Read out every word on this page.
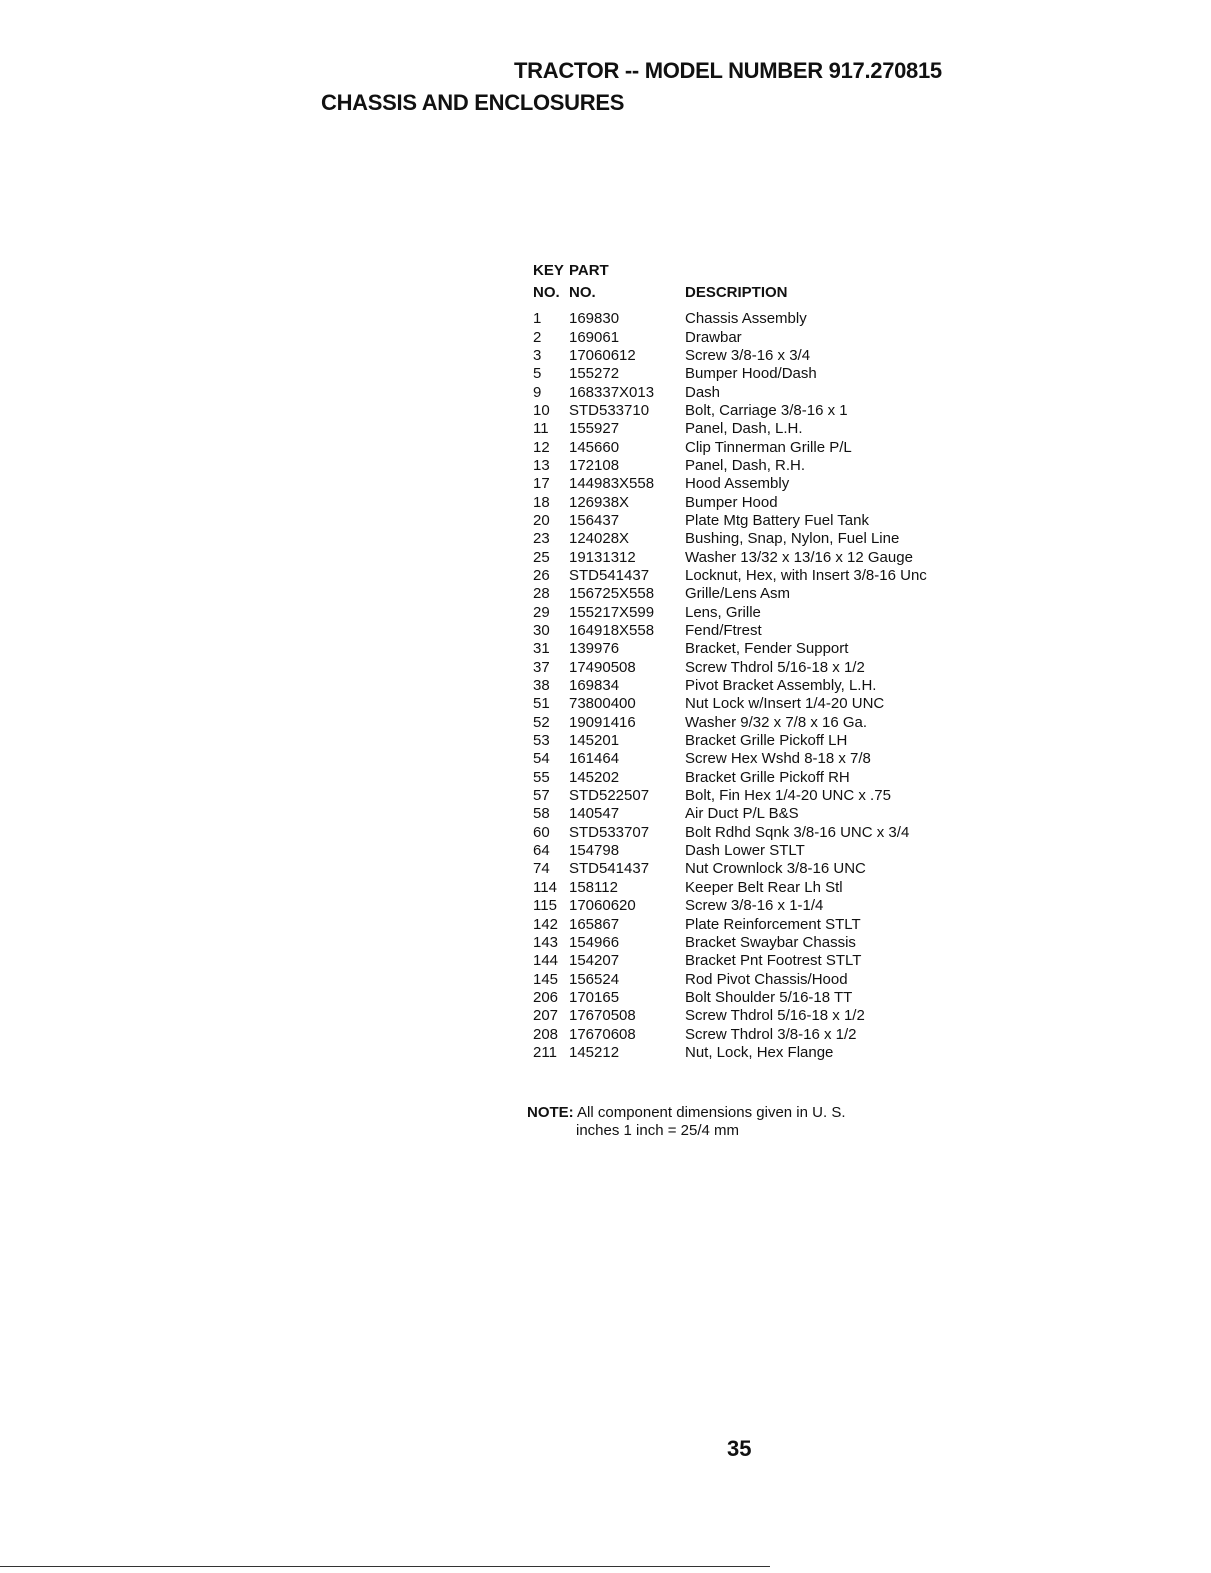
TRACTOR -- MODEL NUMBER 917.270815
CHASSIS AND ENCLOSURES
KEY	PART	
NO.	NO.	DESCRIPTION
1	169830	Chassis Assembly
2	169061	Drawbar
3	17060612	Screw 3/8-16 x 3/4
5	155272	Bumper Hood/Dash
9	168337X013	Dash
10	STD533710	Bolt, Carriage 3/8-16 x 1
11	155927	Panel, Dash, L.H.
12	145660	Clip Tinnerman Grille P/L
13	172108	Panel, Dash, R.H.
17	144983X558	Hood Assembly
18	126938X	Bumper Hood
20	156437	Plate Mtg Battery Fuel Tank
23	124028X	Bushing, Snap, Nylon, Fuel Line
25	19131312	Washer 13/32 x 13/16 x 12 Gauge
26	STD541437	Locknut, Hex, with Insert 3/8-16 Unc
28	156725X558	Grille/Lens Asm
29	155217X599	Lens, Grille
30	164918X558	Fend/Ftrest
31	139976	Bracket, Fender Support
37	17490508	Screw Thdrol 5/16-18 x 1/2
38	169834	Pivot Bracket Assembly, L.H.
51	73800400	Nut Lock w/Insert 1/4-20 UNC
52	19091416	Washer 9/32 x 7/8 x 16 Ga.
53	145201	Bracket Grille Pickoff LH
54	161464	Screw Hex Wshd 8-18 x 7/8
55	145202	Bracket Grille Pickoff RH
57	STD522507	Bolt, Fin Hex 1/4-20 UNC x .75
58	140547	Air Duct P/L B&S
60	STD533707	Bolt Rdhd Sqnk 3/8-16 UNC x 3/4
64	154798	Dash Lower STLT
74	STD541437	Nut Crownlock 3/8-16 UNC
114	158112	Keeper Belt Rear Lh Stl
115	17060620	Screw 3/8-16 x 1-1/4
142	165867	Plate Reinforcement STLT
143	154966	Bracket Swaybar Chassis
144	154207	Bracket Pnt Footrest STLT
145	156524	Rod Pivot Chassis/Hood
206	170165	Bolt Shoulder 5/16-18 TT
207	17670508	Screw Thdrol 5/16-18 x 1/2
208	17670608	Screw Thdrol 3/8-16 x 1/2
211	145212	Nut, Lock, Hex Flange
NOTE: All component dimensions given in U. S.
inches 1 inch = 25/4 mm
35
